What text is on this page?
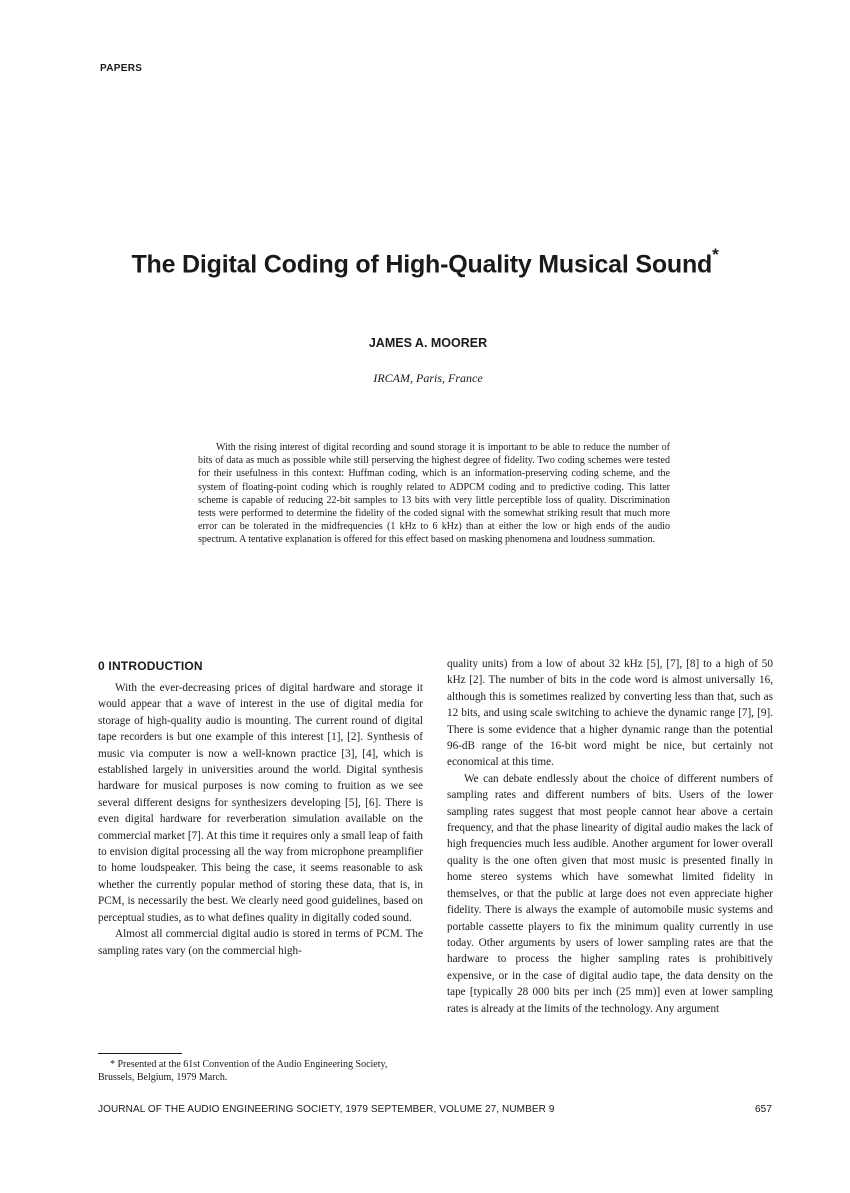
PAPERS
The Digital Coding of High-Quality Musical Sound*
JAMES A. MOORER
IRCAM, Paris, France

With the rising interest of digital recording and sound storage it is important to be able to reduce the number of bits of data as much as possible while still perserving the highest degree of fidelity. Two coding schemes were tested for their usefulness in this context: Huffman coding, which is an information-preserving coding scheme, and the system of floating-point coding which is roughly related to ADPCM coding and to predictive coding. This latter scheme is capable of reducing 22-bit samples to 13 bits with very little perceptible loss of quality. Discrimination tests were performed to determine the fidelity of the coded signal with the somewhat striking result that much more error can be tolerated in the midfrequencies (1 kHz to 6 kHz) than at either the low or high ends of the audio spectrum. A tentative explanation is offered for this effect based on masking phenomena and loudness summation.

0 INTRODUCTION

With the ever-decreasing prices of digital hardware and storage it would appear that a wave of interest in the use of digital media for storage of high-quality audio is mounting. The current round of digital tape recorders is but one example of this interest [1], [2]. Synthesis of music via computer is now a well-known practice [3], [4], which is established largely in universities around the world. Digital synthesis hardware for musical purposes is now coming to fruition as we see several different designs for synthesizers developing [5], [6]. There is even digital hardware for reverberation simulation available on the commercial market [7]. At this time it requires only a small leap of faith to envision digital processing all the way from microphone preamplifier to home loudspeaker. This being the case, it seems reasonable to ask whether the currently popular method of storing these data, that is, in PCM, is necessarily the best. We clearly need good guidelines, based on perceptual studies, as to what defines quality in digitally coded sound.

Almost all commercial digital audio is stored in terms of PCM. The sampling rates vary (on the commercial high-

quality units) from a low of about 32 kHz [5], [7], [8] to a high of 50 kHz [2]. The number of bits in the code word is almost universally 16, although this is sometimes realized by converting less than that, such as 12 bits, and using scale switching to achieve the dynamic range [7], [9]. There is some evidence that a higher dynamic range than the potential 96-dB range of the 16-bit word might be nice, but certainly not economical at this time.

We can debate endlessly about the choice of different numbers of sampling rates and different numbers of bits. Users of the lower sampling rates suggest that most people cannot hear above a certain frequency, and that the phase linearity of digital audio makes the lack of high frequencies much less audible. Another argument for lower overall quality is the one often given that most music is presented finally in home stereo systems which have somewhat limited fidelity in themselves, or that the public at large does not even appreciate higher fidelity. There is always the example of automobile music systems and portable cassette players to fix the minimum quality currently in use today. Other arguments by users of lower sampling rates are that the hardware to process the higher sampling rates is prohibitively expensive, or in the case of digital audio tape, the data density on the tape [typically 28 000 bits per inch (25 mm)] even at lower sampling rates is already at the limits of the technology. Any argument

* Presented at the 61st Convention of the Audio Engineering Society, Brussels, Belgium, 1979 March.

JOURNAL OF THE AUDIO ENGINEERING SOCIETY, 1979 SEPTEMBER, VOLUME 27, NUMBER 9	657
